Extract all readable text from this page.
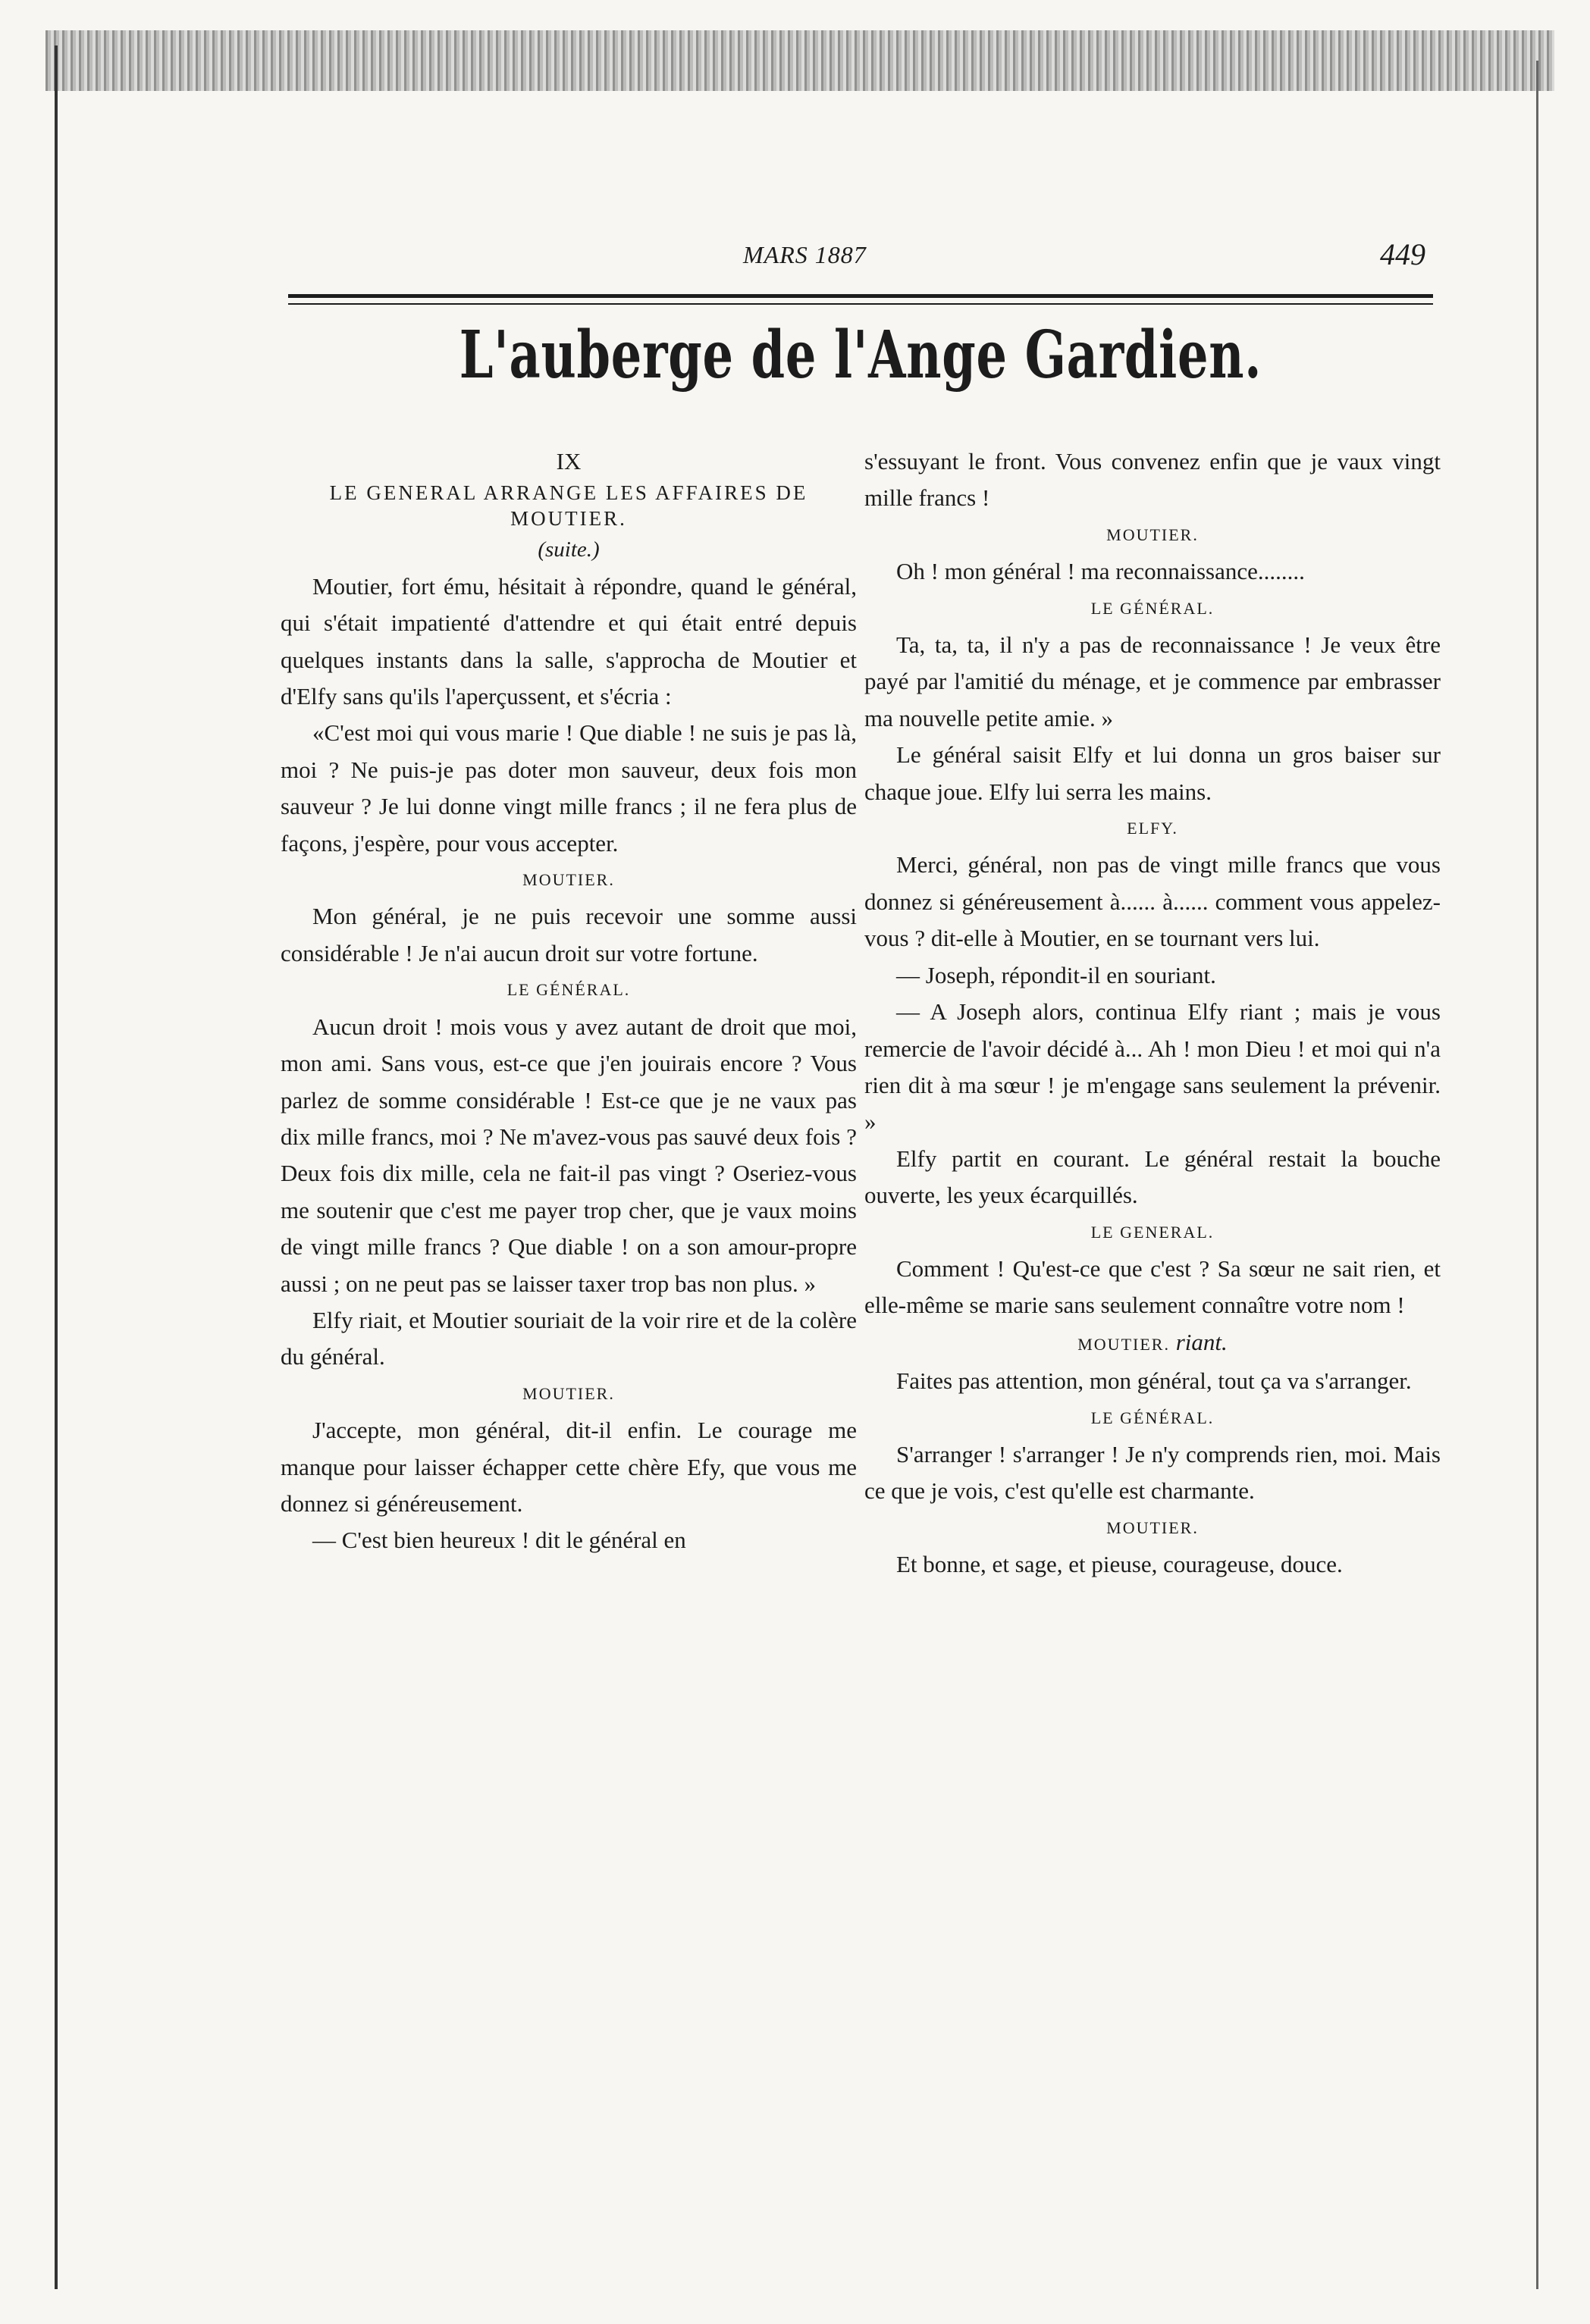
MARS 1887	449
L'auberge de l'Ange Gardien.
IX
LE GENERAL ARRANGE LES AFFAIRES DE MOUTIER.
(suite.)

Moutier, fort ému, hésitait à répondre, quand le général, qui s'était impatienté d'attendre et qui était entré depuis quelques instants dans la salle, s'approcha de Moutier et d'Elfy sans qu'ils l'aperçussent, et s'écria :

«C'est moi qui vous marie ! Que diable ! ne suis je pas là, moi ? Ne puis-je pas doter mon sauveur, deux fois mon sauveur ? Je lui donne vingt mille francs ; il ne fera plus de façons, j'espère, pour vous accepter.

MOUTIER.

Mon général, je ne puis recevoir une somme aussi considérable ! Je n'ai aucun droit sur votre fortune.

LE GÉNÉRAL.

Aucun droit ! mois vous y avez autant de droit que moi, mon ami. Sans vous, est-ce que j'en jouirais encore ? Vous parlez de somme considérable ! Est-ce que je ne vaux pas dix mille francs, moi ? Ne m'avez-vous pas sauvé deux fois ? Deux fois dix mille, cela ne fait-il pas vingt ? Oseriez-vous me soutenir que c'est me payer trop cher, que je vaux moins de vingt mille francs ? Que diable ! on a son amour-propre aussi ; on ne peut pas se laisser taxer trop bas non plus. »

Elfy riait, et Moutier souriait de la voir rire et de la colère du général.

MOUTIER.

J'accepte, mon général, dit-il enfin. Le courage me manque pour laisser échapper cette chère Efy, que vous me donnez si généreusement.

— C'est bien heureux ! dit le général en

s'essuyant le front. Vous convenez enfin que je vaux vingt mille francs !

MOUTIER.

Oh ! mon général ! ma reconnaissance........

LE GÉNÉRAL.

Ta, ta, ta, il n'y a pas de reconnaissance ! Je veux être payé par l'amitié du ménage, et je commence par embrasser ma nouvelle petite amie. »

Le général saisit Elfy et lui donna un gros baiser sur chaque joue. Elfy lui serra les mains.

ELFY.

Merci, général, non pas de vingt mille francs que vous donnez si généreusement à...... à...... comment vous appelez-vous ? dit-elle à Moutier, en se tournant vers lui.

— Joseph, répondit-il en souriant.

— A Joseph alors, continua Elfy riant ; mais je vous remercie de l'avoir décidé à... Ah ! mon Dieu ! et moi qui n'a rien dit à ma sœur ! je m'engage sans seulement la prévenir. »

Elfy partit en courant. Le général restait la bouche ouverte, les yeux écarquillés.

LE GENERAL.

Comment ! Qu'est-ce que c'est ? Sa sœur ne sait rien, et elle-même se marie sans seulement connaître votre nom !

MOUTIER. riant.

Faites pas attention, mon général, tout ça va s'arranger.

LE GÉNÉRAL.

S'arranger ! s'arranger ! Je n'y comprends rien, moi. Mais ce que je vois, c'est qu'elle est charmante.

MOUTIER.

Et bonne, et sage, et pieuse, courageuse, douce.
